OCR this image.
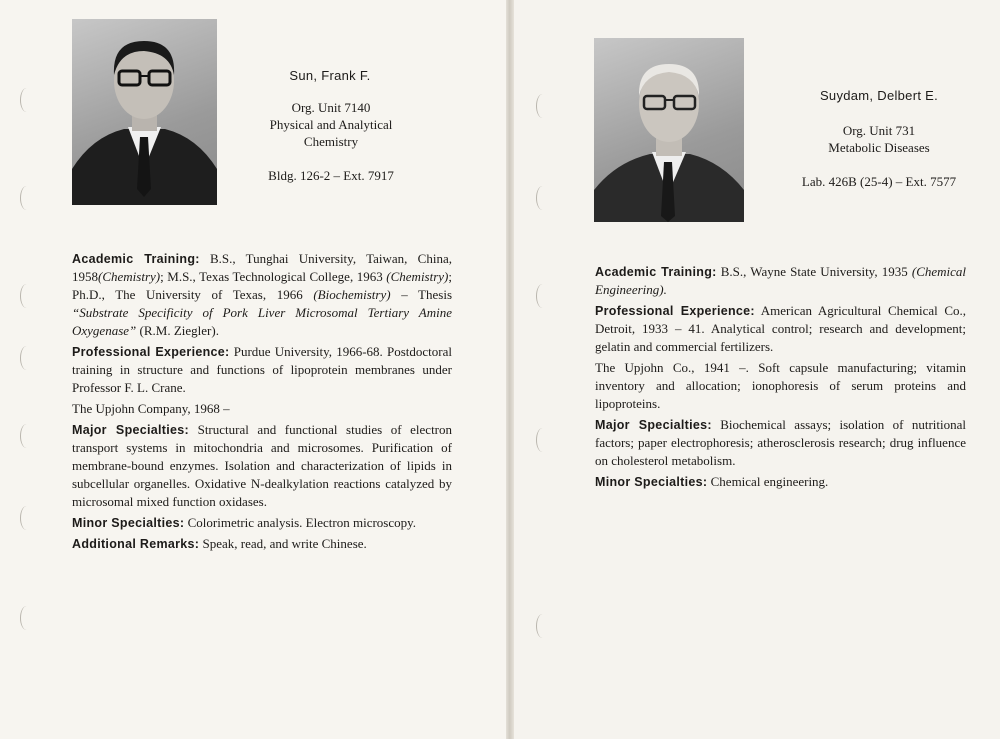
Sun, Frank F.
Org. Unit 7140
Physical and Analytical
Chemistry
Bldg. 126-2 – Ext. 7917

Academic Training: B.S., Tunghai University, Taiwan, China, 1958(Chemistry); M.S., Texas Technological College, 1963 (Chemistry); Ph.D., The University of Texas, 1966 (Biochemistry) – Thesis “Substrate Specificity of Pork Liver Microsomal Tertiary Amine Oxygenase” (R.M. Ziegler).

Professional Experience: Purdue University, 1966-68. Postdoctoral training in structure and functions of lipoprotein membranes under Professor F. L. Crane.

The Upjohn Company, 1968 –

Major Specialties: Structural and functional studies of electron transport systems in mitochondria and microsomes. Purification of membrane-bound enzymes. Isolation and characterization of lipids in subcellular organelles. Oxidative N-dealkylation reactions catalyzed by microsomal mixed function oxidases.

Minor Specialties: Colorimetric analysis. Electron microscopy.

Additional Remarks: Speak, read, and write Chinese.

Suydam, Delbert E.
Org. Unit 731
Metabolic Diseases
Lab. 426B (25-4) – Ext. 7577

Academic Training: B.S., Wayne State University, 1935 (Chemical Engineering).

Professional Experience: American Agricultural Chemical Co., Detroit, 1933 – 41. Analytical control; research and development; gelatin and commercial fertilizers.

The Upjohn Co., 1941 –. Soft capsule manufacturing; vitamin inventory and allocation; ionophoresis of serum proteins and lipoproteins.

Major Specialties: Biochemical assays; isolation of nutritional factors; paper electrophoresis; atherosclerosis research; drug influence on cholesterol metabolism.

Minor Specialties: Chemical engineering.
